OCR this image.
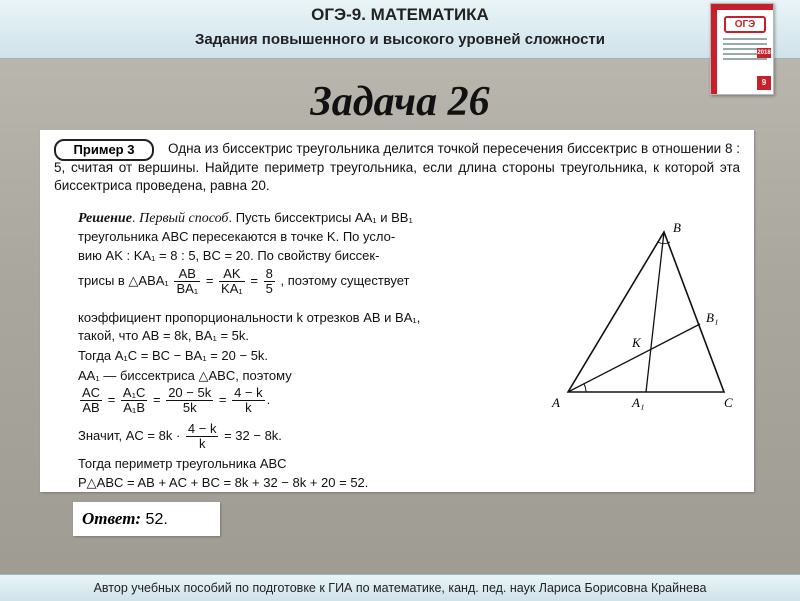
ОГЭ-9. МАТЕМАТИКА
Задания повышенного и высокого уровней сложности
ОГЭ
2018
9
Задача 26
Пример 3	Одна из биссектрис треугольника делится точкой пересечения биссектрис в отношении 8 : 5, считая от вершины. Найдите периметр треугольника, если длина стороны треугольника, к которой эта биссектриса проведена, равна 20.
Решение. Первый способ. Пусть биссектрисы AA₁ и BB₁
треугольника ABC пересекаются в точке K. По усло-
вию AK : KA₁ = 8 : 5, BC = 20. По свойству биссек-
трисы в △ABA₁ $\frac{AB}{\text{BA₁}} = \frac{AK}{\text{KA₁}} = \frac{8}{5}$ , поэтому существует
коэффициент пропорциональности k отрезков AB и BA₁,
такой, что AB = 8k, BA₁ = 5k.
Тогда A₁C = BC − BA₁ = 20 − 5k.
AA₁ — биссектриса △ABC, поэтому
$\frac{AC}{AB} = \frac{\text{A₁C}}{\text{A₁B}} = \frac{20 - 5k}{5k} = \frac{4 - k}{k}$ .
Значит, AC = $8k \cdot \frac{4 - k}{k} = 32 - 8k$.
Тогда периметр треугольника ABC
P△ABC = AB + AC + BC = 8k + 32 − 8k + 20 = 52.
B
A	C
A₁
B₁
K
Ответ: 52.
Автор учебных пособий по подготовке к ГИА по математике, канд. пед. наук Лариса Борисовна Крайнева
